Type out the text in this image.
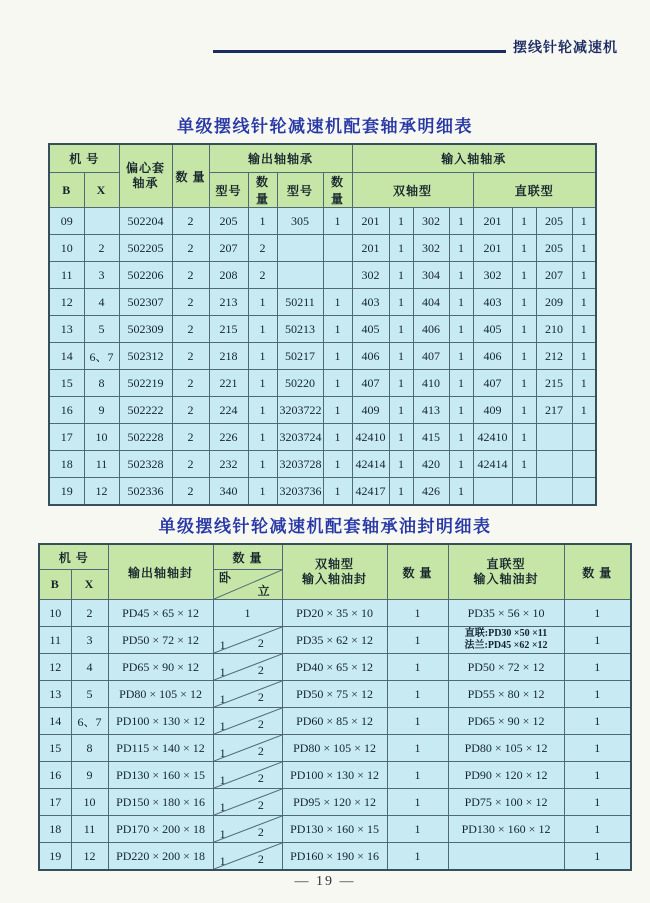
摆线针轮减速机
单级摆线针轮减速机配套轴承明细表
机 号		偏心套
轴承	数 量	输出轴轴承				输入轴轴承							
B	X			型号	数量	型号	数量	双轴型				直联型			
09		502204	2	205	1	305	1	201	1	302	1	201	1	205	1
10	2	502205	2	207	2			201	1	302	1	201	1	205	1
11	3	502206	2	208	2			302	1	304	1	302	1	207	1
12	4	502307	2	213	1	50211	1	403	1	404	1	403	1	209	1
13	5	502309	2	215	1	50213	1	405	1	406	1	405	1	210	1
14	6、7	502312	2	218	1	50217	1	406	1	407	1	406	1	212	1
15	8	502219	2	221	1	50220	1	407	1	410	1	407	1	215	1
16	9	502222	2	224	1	3203722	1	409	1	413	1	409	1	217	1
17	10	502228	2	226	1	3203724	1	42410	1	415	1	42410	1		
18	11	502328	2	232	1	3203728	1	42414	1	420	1	42414	1		
19	12	502336	2	340	1	3203736	1	42417	1	426	1				
单级摆线针轮减速机配套轴承油封明细表
机 号	输出轴轴封	数 量	双轴型
输入轴油封	数 量	
直联型
输入轴油封	数 量
B	X		卧
立				

10	2	PD45 × 65 × 12	1	PD20 × 35 × 10	1	PD35 × 56 × 10	1
11	3	PD50 × 72 × 12	1	2	PD35 × 62 × 12	1	直联:PD30 ×50 ×11
法兰:PD45 ×62 ×12	1
12	4	PD65 × 90 × 12	1 2	PD40 × 65 × 12	1	PD50 × 72 × 12	1
13	5	PD80 × 105 × 12	1 2	PD50 × 75 × 12	1	PD55 × 80 × 12	1
14	6、7	PD100 × 130 × 12	1 2	PD60 × 85 × 12	1	PD65 × 90 × 12	1
15	8	PD115 × 140 × 12	1 2	PD80 × 105 × 12	1	PD80 × 105 × 12	1
16	9	PD130 × 160 × 15	1 2	PD100 × 130 × 12	1	PD90 × 120 × 12	1
17	10	PD150 × 180 × 16	1 2	PD95 × 120 × 12	1	PD75 × 100 × 12	1
18	11	PD170 × 200 × 18	1 2	PD130 × 160 × 15	1	PD130 × 160 × 12	1
19	12	PD220 × 200 × 18	1 2	PD160 × 190 × 16	1		1
— 19 —
